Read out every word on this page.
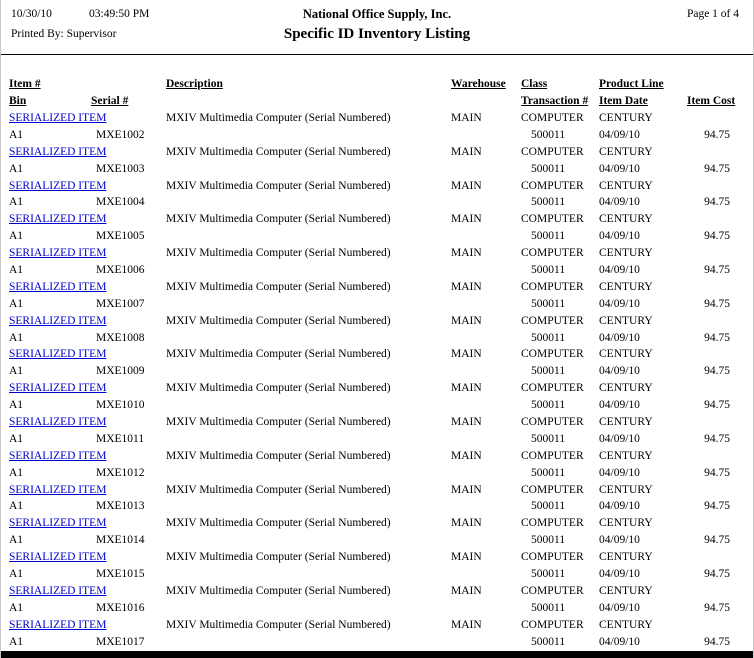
10/30/10	03:49:50 PM	National Office Supply, Inc.	Page 1 of 4
Printed By: Supervisor	Specific ID Inventory Listing
Item #	Description	Warehouse	Class	Product Line
Bin	Serial #	Transaction # Item Date	Item Cost
SERIALIZED ITEM	MXIV Multimedia Computer (Serial Numbered)	MAIN	COMPUTER	CENTURY
A1	MXE1002	500011	04/09/10	94.75
SERIALIZED ITEM	MXIV Multimedia Computer (Serial Numbered)	MAIN	COMPUTER	CENTURY
A1	MXE1003	500011	04/09/10	94.75
SERIALIZED ITEM	MXIV Multimedia Computer (Serial Numbered)	MAIN	COMPUTER	CENTURY
A1	MXE1004	500011	04/09/10	94.75
SERIALIZED ITEM	MXIV Multimedia Computer (Serial Numbered)	MAIN	COMPUTER	CENTURY
A1	MXE1005	500011	04/09/10	94.75
SERIALIZED ITEM	MXIV Multimedia Computer (Serial Numbered)	MAIN	COMPUTER	CENTURY
A1	MXE1006	500011	04/09/10	94.75
SERIALIZED ITEM	MXIV Multimedia Computer (Serial Numbered)	MAIN	COMPUTER	CENTURY
A1	MXE1007	500011	04/09/10	94.75
SERIALIZED ITEM	MXIV Multimedia Computer (Serial Numbered)	MAIN	COMPUTER	CENTURY
A1	MXE1008	500011	04/09/10	94.75
SERIALIZED ITEM	MXIV Multimedia Computer (Serial Numbered)	MAIN	COMPUTER	CENTURY
A1	MXE1009	500011	04/09/10	94.75
SERIALIZED ITEM	MXIV Multimedia Computer (Serial Numbered)	MAIN	COMPUTER	CENTURY
A1	MXE1010	500011	04/09/10	94.75
SERIALIZED ITEM	MXIV Multimedia Computer (Serial Numbered)	MAIN	COMPUTER	CENTURY
A1	MXE1011	500011	04/09/10	94.75
SERIALIZED ITEM	MXIV Multimedia Computer (Serial Numbered)	MAIN	COMPUTER	CENTURY
A1	MXE1012	500011	04/09/10	94.75
SERIALIZED ITEM	MXIV Multimedia Computer (Serial Numbered)	MAIN	COMPUTER	CENTURY
A1	MXE1013	500011	04/09/10	94.75
SERIALIZED ITEM	MXIV Multimedia Computer (Serial Numbered)	MAIN	COMPUTER	CENTURY
A1	MXE1014	500011	04/09/10	94.75
SERIALIZED ITEM	MXIV Multimedia Computer (Serial Numbered)	MAIN	COMPUTER	CENTURY
A1	MXE1015	500011	04/09/10	94.75
SERIALIZED ITEM	MXIV Multimedia Computer (Serial Numbered)	MAIN	COMPUTER	CENTURY
A1	MXE1016	500011	04/09/10	94.75
SERIALIZED ITEM	MXIV Multimedia Computer (Serial Numbered)	MAIN	COMPUTER	CENTURY
A1	MXE1017	500011	04/09/10	94.75
